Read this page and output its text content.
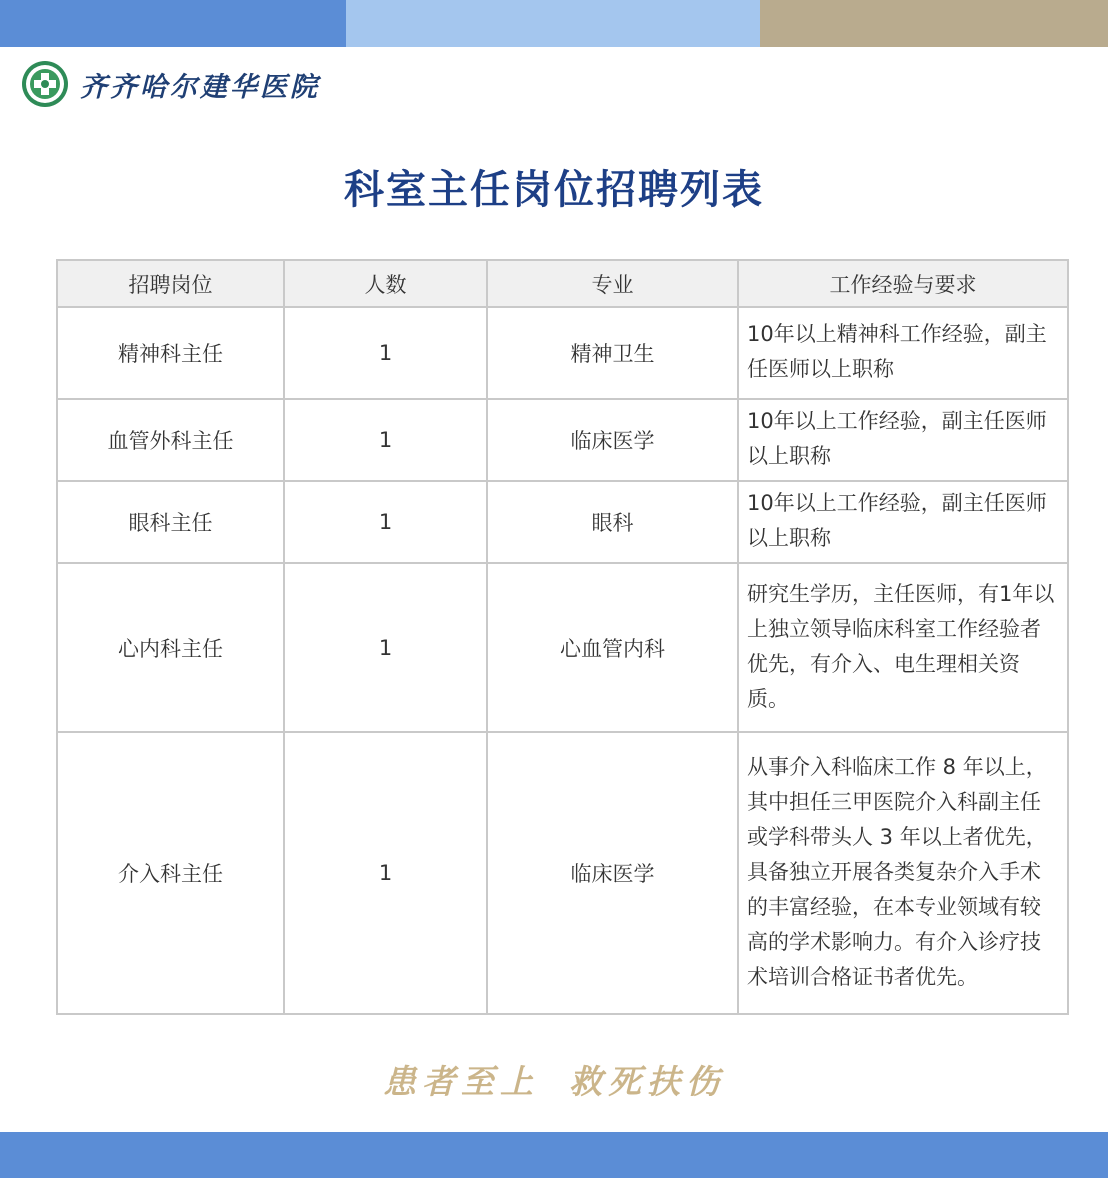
齐齐哈尔建华医院
科室主任岗位招聘列表
招聘岗位	人数	专业	工作经验与要求
精神科主任	1	精神卫生	10年以上精神科工作经验，副主任医师以上职称
血管外科主任	1	临床医学	10年以上工作经验，副主任医师以上职称
眼科主任	1	眼科	10年以上工作经验，副主任医师以上职称
心内科主任	1	心血管内科	研究生学历，主任医师，有1年以上独立领导临床科室工作经验者优先，有介入、电生理相关资质。
介入科主任	1	临床医学	从事介入科临床工作 8 年以上，其中担任三甲医院介入科副主任或学科带头人 3 年以上者优先，具备独立开展各类复杂介入手术的丰富经验，在本专业领域有较高的学术影响力。有介入诊疗技术培训合格证书者优先。
患者至上 救死扶伤
